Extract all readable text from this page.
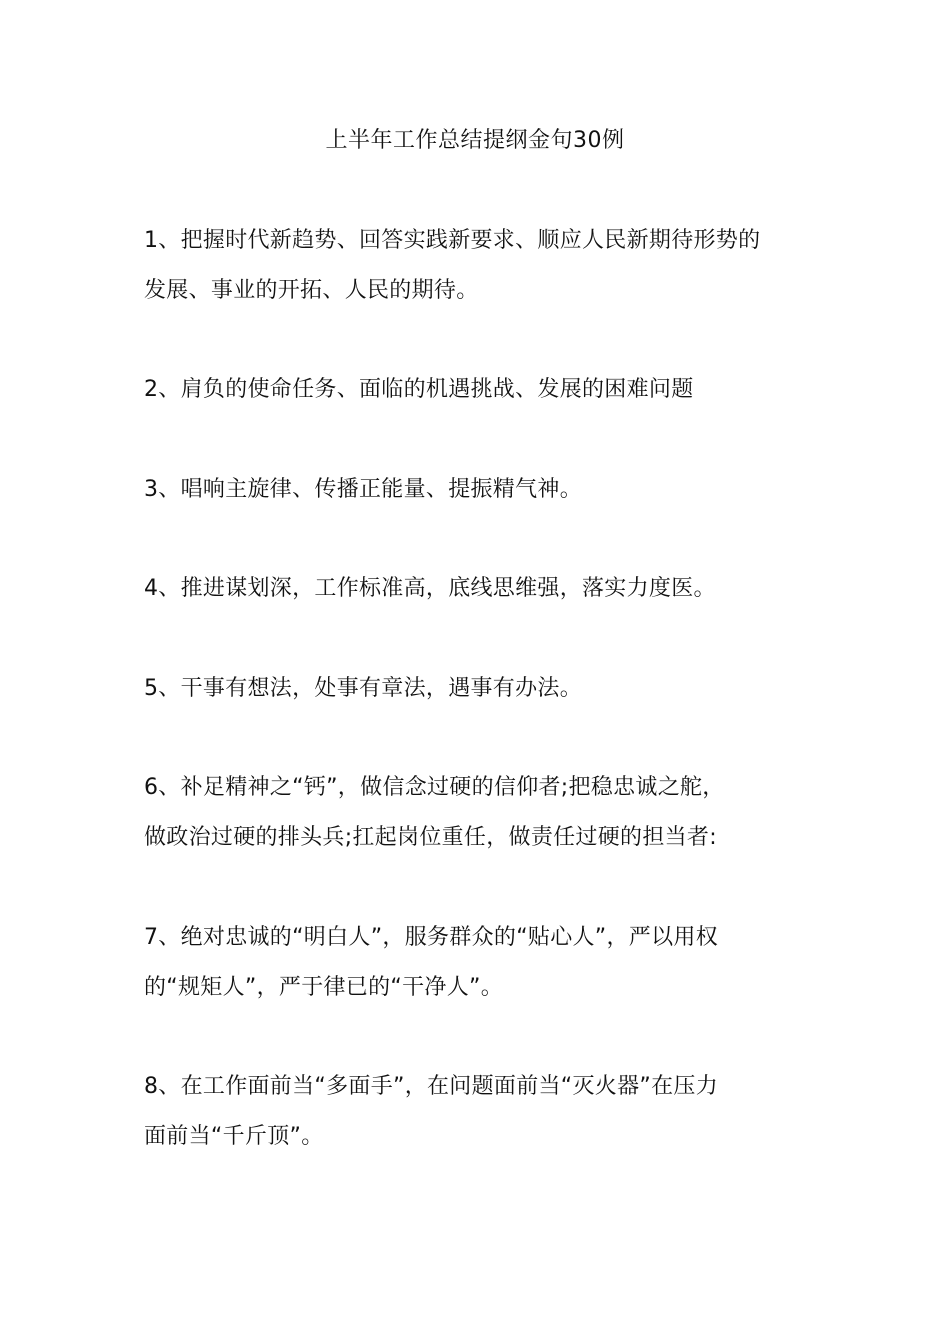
上半年工作总结提纲金句30例
1、把握时代新趋势、回答实践新要求、顺应人民新期待形势的
发展、事业的开拓、人民的期待。
2、肩负的使命任务、面临的机遇挑战、发展的困难问题
3、唱响主旋律、传播正能量、提振精气神。
4、推进谋划深，工作标准高，底线思维强，落实力度医。
5、干事有想法，处事有章法，遇事有办法。
6、补足精神之“钙”，做信念过硬的信仰者;把稳忠诚之舵，
做政治过硬的排头兵;扛起岗位重任，做责任过硬的担当者:
7、绝对忠诚的“明白人”，服务群众的“贴心人”，严以用权
的“规矩人”，严于律已的“干净人”。
8、在工作面前当“多面手”，在问题面前当“灭火器”在压力
面前当“千斤顶”。
